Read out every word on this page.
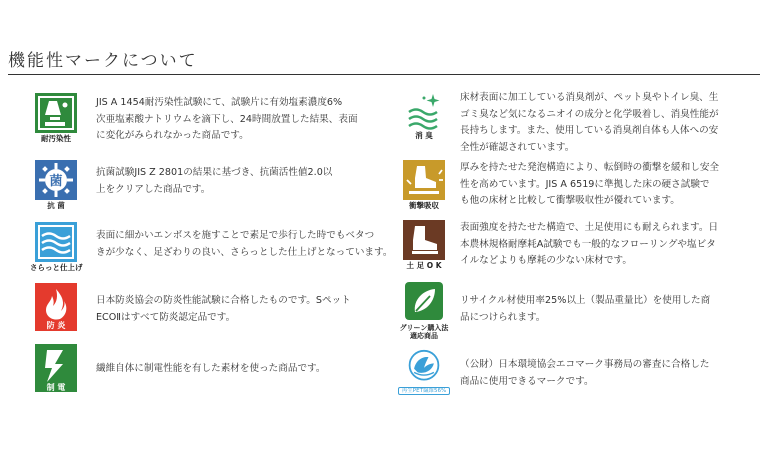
機能性マークについて
耐汚染性
JIS A 1454耐汚染性試験にて、試験片に有効塩素濃度6%
次亜塩素酸ナトリウムを滴下し、24時間放置した結果、表面
に変化がみられなかった商品です。
菌
抗 菌
抗菌試験JIS Z 2801の結果に基づき、抗菌活性値2.0以
上をクリアした商品です。
さらっと仕上げ
表面に細かいエンボスを施すことで素足で歩行した時でもベタつ
きが少なく、足ざわりの良い、さらっとした仕上げとなっています。
防 炎
日本防炎協会の防炎性能試験に合格したものです。Sペット
ECOⅡはすべて防炎認定品です。
制 電
繊維自体に制電性能を有した素材を使った商品です。
消 臭
床材表面に加工している消臭剤が、ペット臭やトイレ臭、生
ゴミ臭など気になるニオイの成分と化学吸着し、消臭性能が
長持ちします。また、使用している消臭剤自体も人体への安
全性が確認されています。
衝撃吸収
厚みを持たせた発泡構造により、転倒時の衝撃を緩和し安全
性を高めています。JIS A 6519に準拠した床の硬さ試験で
も他の床材と比較して衝撃吸収性が優れています。
土 足 O K
表面強度を持たせた構造で、土足使用にも耐えられます。日
本農林規格耐摩耗A試験でも一般的なフローリングや塩ビタ
イルなどよりも摩耗の少ない床材です。
グリーン購入法
適応商品
リサイクル材使用率25%以上（製品重量比）を使用した商
品につけられます。
再生PET繊維56%
（公財）日本環境協会エコマーク事務局の審査に合格した
商品に使用できるマークです。
